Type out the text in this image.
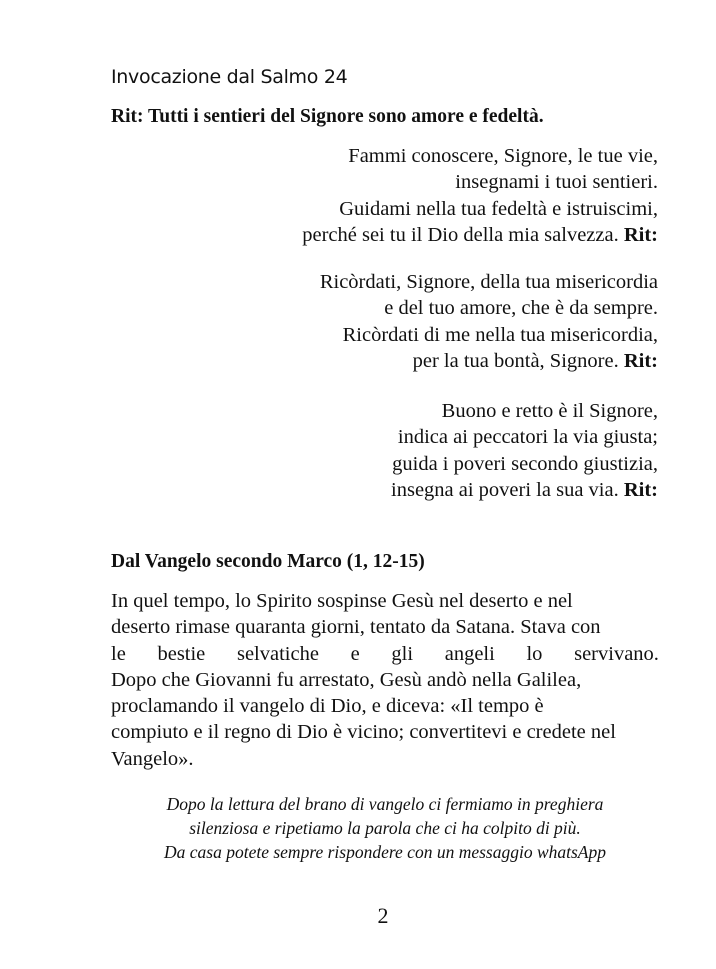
Invocazione dal Salmo 24
Rit: Tutti i sentieri del Signore sono amore e fedeltà.
Fammi conoscere, Signore, le tue vie,
insegnami i tuoi sentieri.
Guidami nella tua fedeltà e istruiscimi,
perché sei tu il Dio della mia salvezza. Rit:
Ricòrdati, Signore, della tua misericordia
e del tuo amore, che è da sempre.
Ricòrdati di me nella tua misericordia,
per la tua bontà, Signore. Rit:
Buono e retto è il Signore,
indica ai peccatori la via giusta;
guida i poveri secondo giustizia,
insegna ai poveri la sua via. Rit:
Dal Vangelo secondo Marco (1, 12-15)
In quel tempo, lo Spirito sospinse Gesù nel deserto e nel
deserto rimase quaranta giorni, tentato da Satana. Stava con
le bestie selvatiche e gli angeli lo servivano.
Dopo che Giovanni fu arrestato, Gesù andò nella Galilea,
proclamando il vangelo di Dio, e diceva: «Il tempo è
compiuto e il regno di Dio è vicino; convertitevi e credete nel
Vangelo».
Dopo la lettura del brano di vangelo ci fermiamo in preghiera
silenziosa e ripetiamo la parola che ci ha colpito di più.
Da casa potete sempre rispondere con un messaggio whatsApp
2
